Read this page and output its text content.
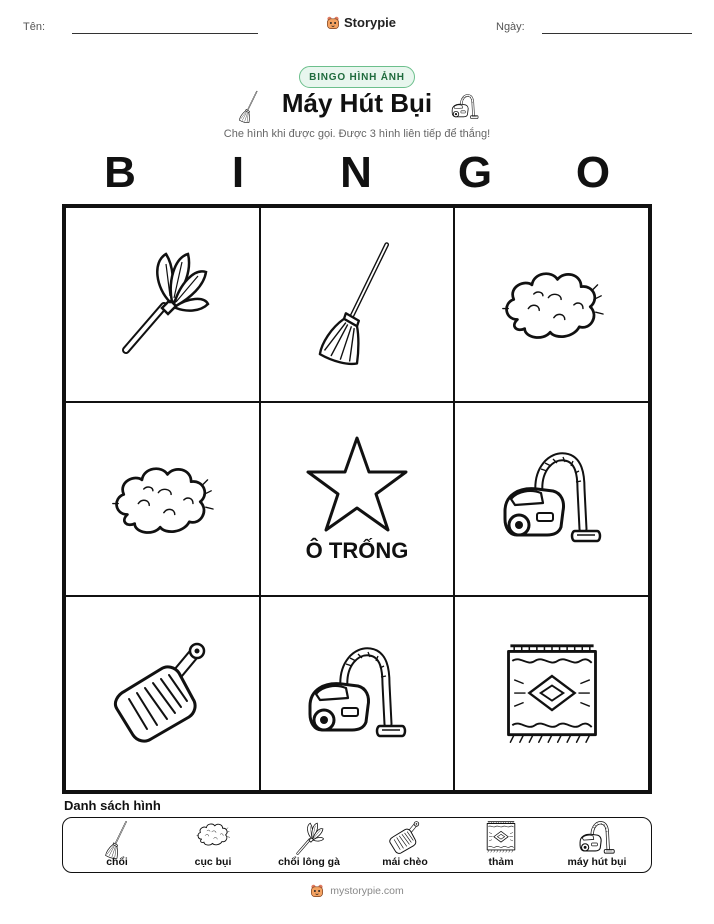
Tên:	Storypie	Ngày:
BINGO HÌNH ẢNH
Máy Hút Bụi
Che hình khi được gọi. Được 3 hình liên tiếp để thắng!
B	I	N	G O
Ô TRỐNG
Danh sách hình
chổi	cục bụi	chổi lông gà	mái chèo	thảm	máy hút bụi
mystorypie.com
